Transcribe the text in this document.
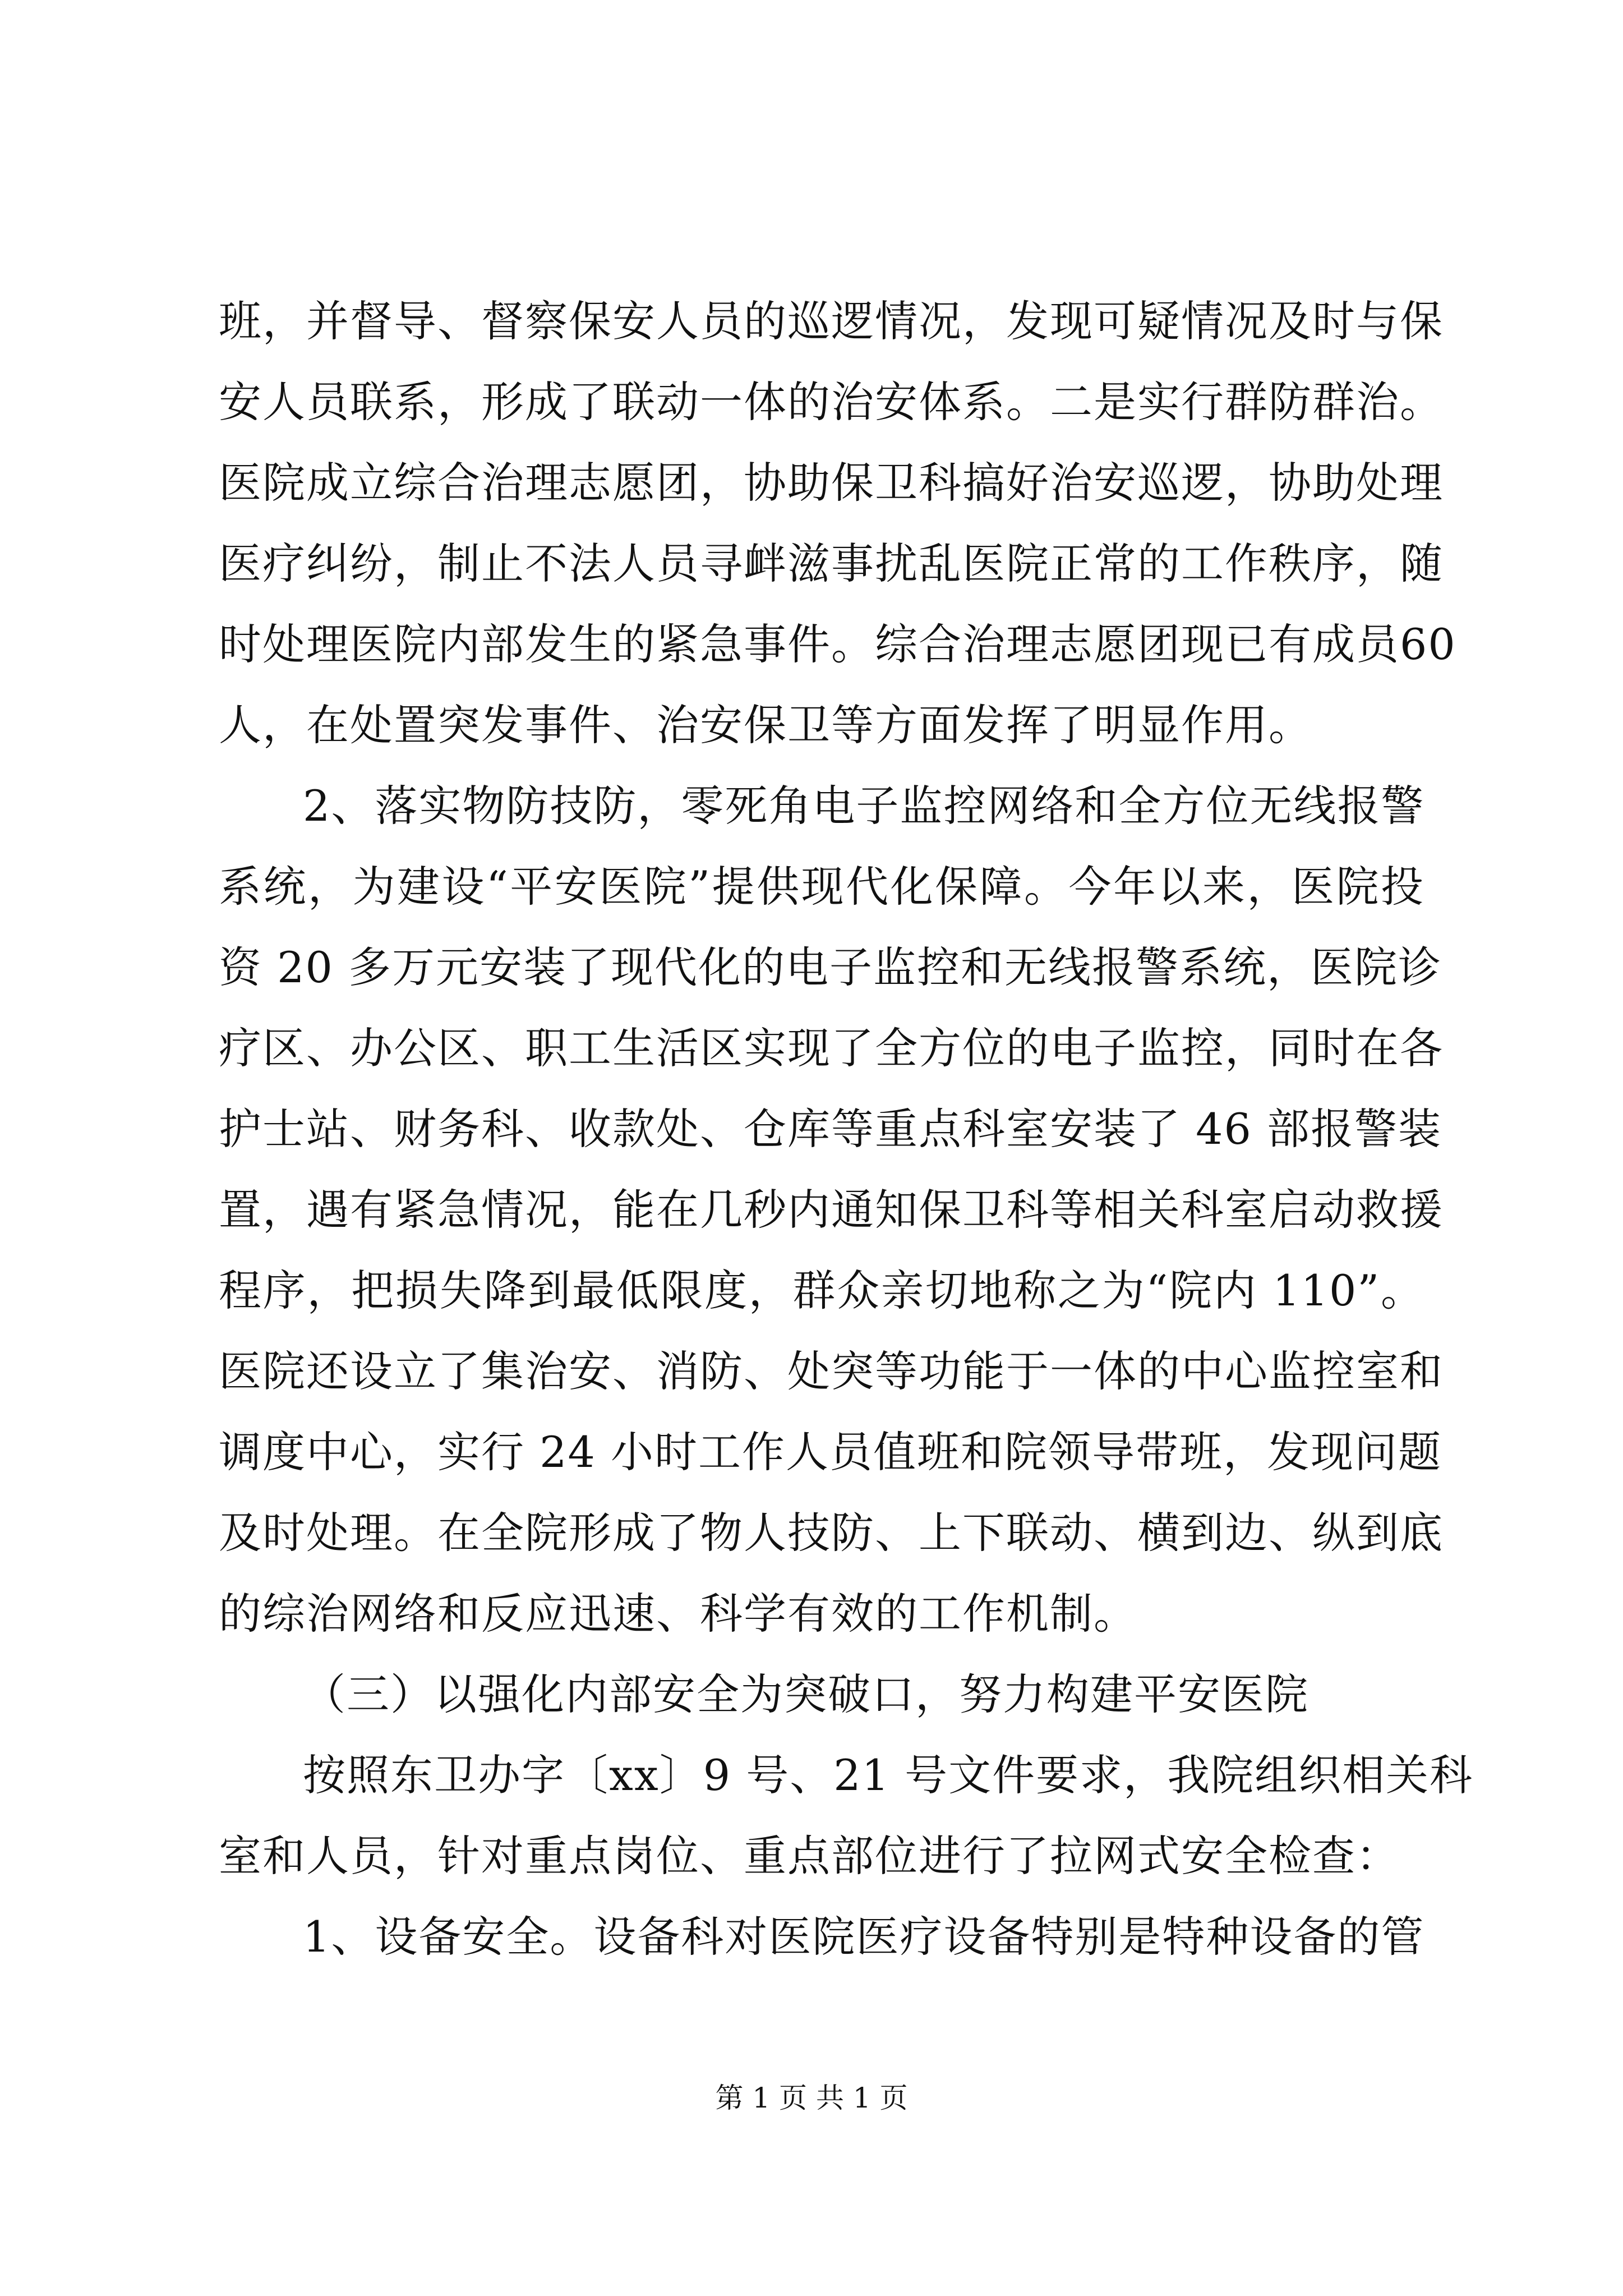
班，并督导、督察保安人员的巡逻情况，发现可疑情况及时与保
安人员联系，形成了联动一体的治安体系。二是实行群防群治。
医院成立综合治理志愿团，协助保卫科搞好治安巡逻，协助处理
医疗纠纷，制止不法人员寻衅滋事扰乱医院正常的工作秩序，随
时处理医院内部发生的紧急事件。综合治理志愿团现已有成员60
人，在处置突发事件、治安保卫等方面发挥了明显作用。
2、落实物防技防，零死角电子监控网络和全方位无线报警
系统，为建设“平安医院”提供现代化保障。今年以来，医院投
资 20 多万元安装了现代化的电子监控和无线报警系统，医院诊
疗区、办公区、职工生活区实现了全方位的电子监控，同时在各
护士站、财务科、收款处、仓库等重点科室安装了 46 部报警装
置，遇有紧急情况，能在几秒内通知保卫科等相关科室启动救援
程序，把损失降到最低限度，群众亲切地称之为“院内 110”。
医院还设立了集治安、消防、处突等功能于一体的中心监控室和
调度中心，实行 24 小时工作人员值班和院领导带班，发现问题
及时处理。在全院形成了物人技防、上下联动、横到边、纵到底
的综治网络和反应迅速、科学有效的工作机制。
（三）以强化内部安全为突破口，努力构建平安医院
按照东卫办字〔xx〕9 号、21 号文件要求，我院组织相关科
室和人员，针对重点岗位、重点部位进行了拉网式安全检查：
1、设备安全。设备科对医院医疗设备特别是特种设备的管
第 1 页 共 1 页
